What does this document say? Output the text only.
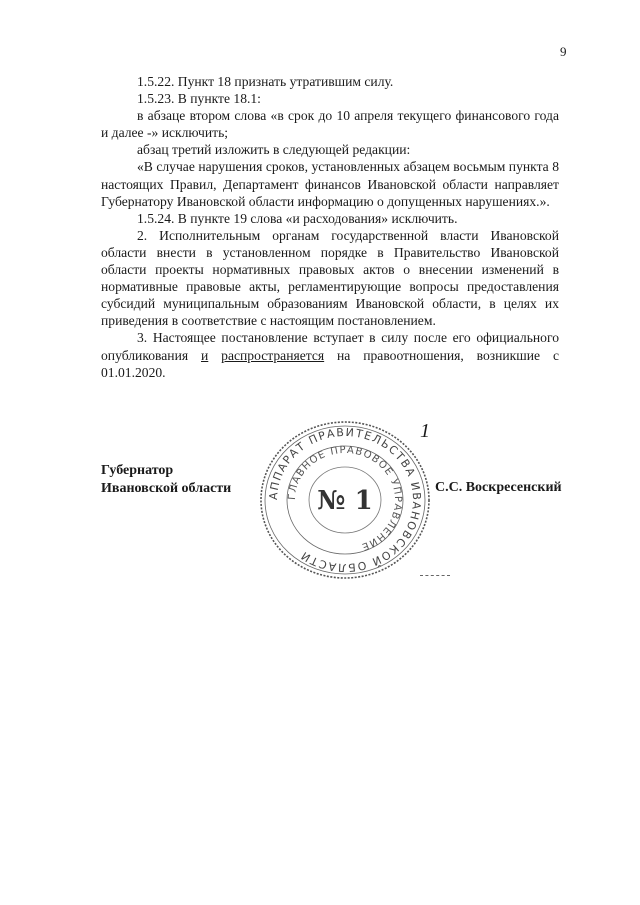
9

1.5.22. Пункт 18 признать утратившим силу.

1.5.23. В пункте 18.1:

в абзаце втором слова «в срок до 10 апреля текущего финансового года и далее -» исключить;

абзац третий изложить в следующей редакции:

«В случае нарушения сроков, установленных абзацем восьмым пункта 8 настоящих Правил, Департамент финансов Ивановской области направляет Губернатору Ивановской области информацию о допущенных нарушениях.».

1.5.24. В пункте 19 слова «и расходования» исключить.

2. Исполнительным органам государственной власти Ивановской области внести в установленном порядке в Правительство Ивановской области проекты нормативных правовых актов о внесении изменений в нормативные правовые акты, регламентирующие вопросы предоставления субсидий муниципальным образованиям Ивановской области, в целях их приведения в соответствие с настоящим постановлением.

3. Настоящее постановление вступает в силу после его официального опубликования и распространяется на правоотношения, возникшие с 01.01.2020.

Губернатор
Ивановской области	С.С. Воскресенский
1
АППАРАТ ПРАВИТЕЛЬСТВА ИВАНОВСКОЙ ОБЛАСТИ
ГЛАВНОЕ ПРАВОВОЕ УПРАВЛЕНИЕ
№ 1
